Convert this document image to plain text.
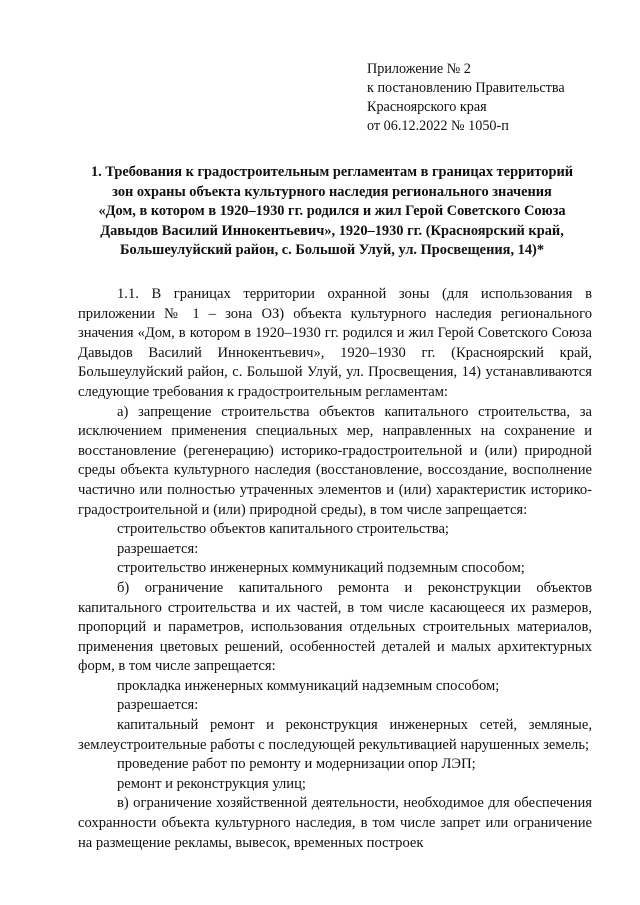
Приложение № 2
к постановлению Правительства
Красноярского края
от 06.12.2022 № 1050-п
1. Требования к градостроительным регламентам в границах территорий
зон охраны объекта культурного наследия регионального значения
«Дом, в котором в 1920–1930 гг. родился и жил Герой Советского Союза
Давыдов Василий Иннокентьевич», 1920–1930 гг. (Красноярский край,
Большеулуйский район, с. Большой Улуй, ул. Просвещения, 14)*
1.1. В границах территории охранной зоны (для использования в приложении № 1 – зона ОЗ) объекта культурного наследия регионального значения «Дом, в котором в 1920–1930 гг. родился и жил Герой Советского Союза Давыдов Василий Иннокентьевич», 1920–1930 гг. (Красноярский край, Большеулуйский район, с. Большой Улуй, ул. Просвещения, 14) устанавливаются следующие требования к градостроительным регламентам:
а) запрещение строительства объектов капитального строительства, за исключением применения специальных мер, направленных на сохранение и восстановление (регенерацию) историко-градостроительной и (или) природной среды объекта культурного наследия (восстановление, воссоздание, восполнение частично или полностью утраченных элементов и (или) характеристик историко-градостроительной и (или) природной среды), в том числе запрещается:
строительство объектов капитального строительства;
разрешается:
строительство инженерных коммуникаций подземным способом;
б) ограничение капитального ремонта и реконструкции объектов капитального строительства и их частей, в том числе касающееся их размеров, пропорций и параметров, использования отдельных строительных материалов, применения цветовых решений, особенностей деталей и малых архитектурных форм, в том числе запрещается:
прокладка инженерных коммуникаций надземным способом;
разрешается:
капитальный ремонт и реконструкция инженерных сетей, земляные, землеустроительные работы с последующей рекультивацией нарушенных земель;
проведение работ по ремонту и модернизации опор ЛЭП;
ремонт и реконструкция улиц;
в) ограничение хозяйственной деятельности, необходимое для обеспечения сохранности объекта культурного наследия, в том числе запрет или ограничение на размещение рекламы, вывесок, временных построек
